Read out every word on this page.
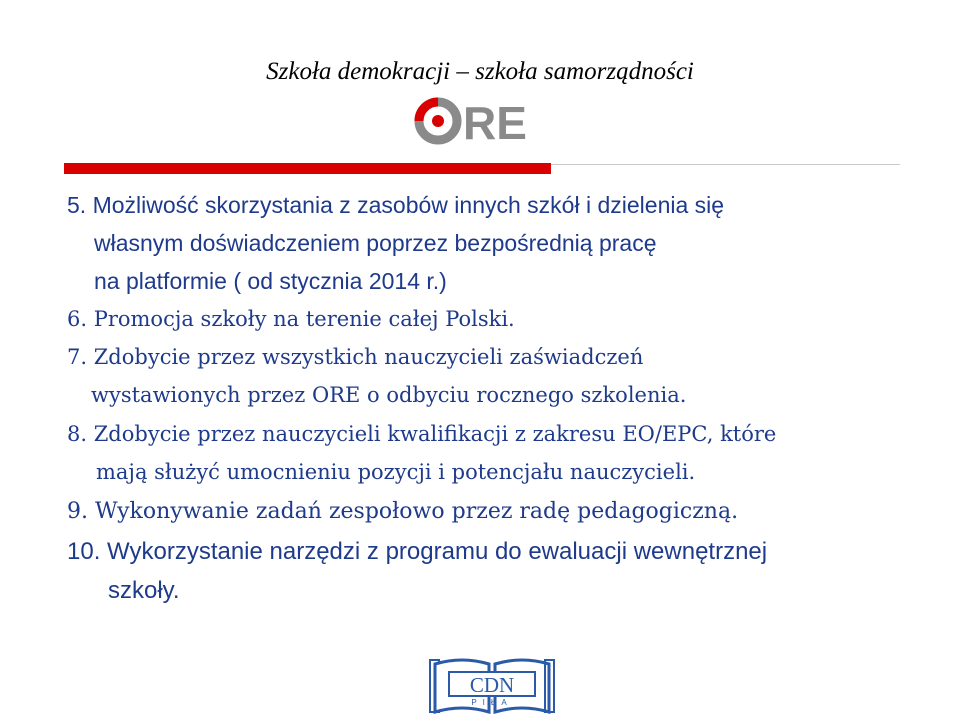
Szkoła demokracji – szkoła samorządności
RE
5. Możliwość skorzystania z zasobów innych szkół i dzielenia się
własnym doświadczeniem poprzez bezpośrednią pracę
na platformie ( od stycznia 2014 r.)
6. Promocja szkoły na terenie całej Polski.
7. Zdobycie przez wszystkich nauczycieli zaświadczeń
wystawionych przez ORE o odbyciu rocznego szkolenia.
8. Zdobycie przez nauczycieli kwalifikacji z zakresu EO/EPC, które
mają służyć umocnieniu pozycji i potencjału nauczycieli.
9. Wykonywanie zadań zespołowo przez radę pedagogiczną.
10. Wykorzystanie narzędzi z programu do ewaluacji wewnętrznej
szkoły.
CDN
PIŁA
